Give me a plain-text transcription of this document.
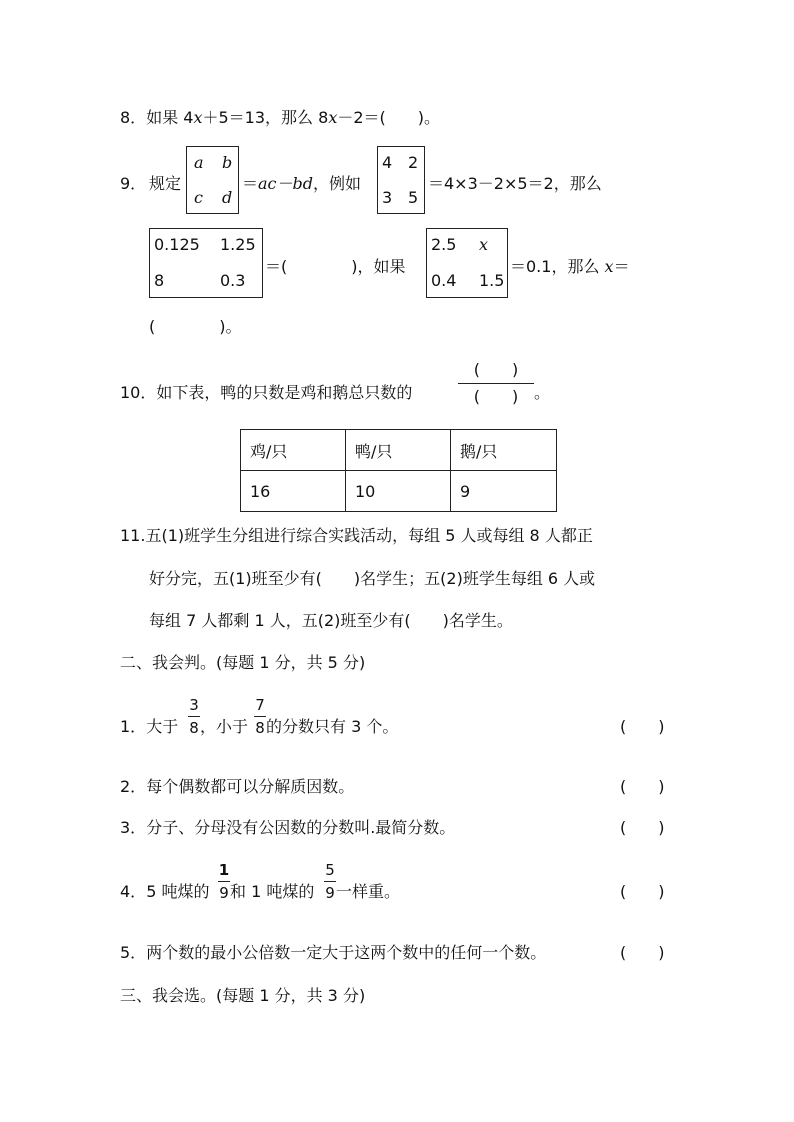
8．如果 4x＋5＝13，那么 8x－2＝(　　)。
9． 规定
a b
c d
＝ac－bd，例如
4 2
3 5
＝4×3－2×5＝2，那么
0.125 1.25
8	0.3
＝(　　　　)，如果
2.5 x
0.4 1.5
＝0.1，那么 x＝
(　　　　)。
10．如下表，鸭的只数是鸡和鹅总只数的
(　　)
(　　) 。
鸡/只	鸭/只	鹅/只
16	10	9
11.五(1)班学生分组进行综合实践活动，每组 5 人或每组 8 人都正
好分完，五(1)班至少有(　　)名学生；五(2)班学生每组 6 人或
每组 7 人都剩 1 人，五(2)班至少有(　　)名学生。
二、我会判。(每题 1 分，共 5 分)
1．大于
3
8 ，小于
7
8 的分数只有 3 个。	(　　)
2．每个偶数都可以分解质因数。	(　　)
3．分子、分母没有公因数的分数叫.最简分数。	(　　)
4．5 吨煤的
1
9 和 1 吨煤的
5
9 一样重。	(　　)
5．两个数的最小公倍数一定大于这两个数中的任何一个数。	(　　)
三、我会选。(每题 1 分，共 3 分)
